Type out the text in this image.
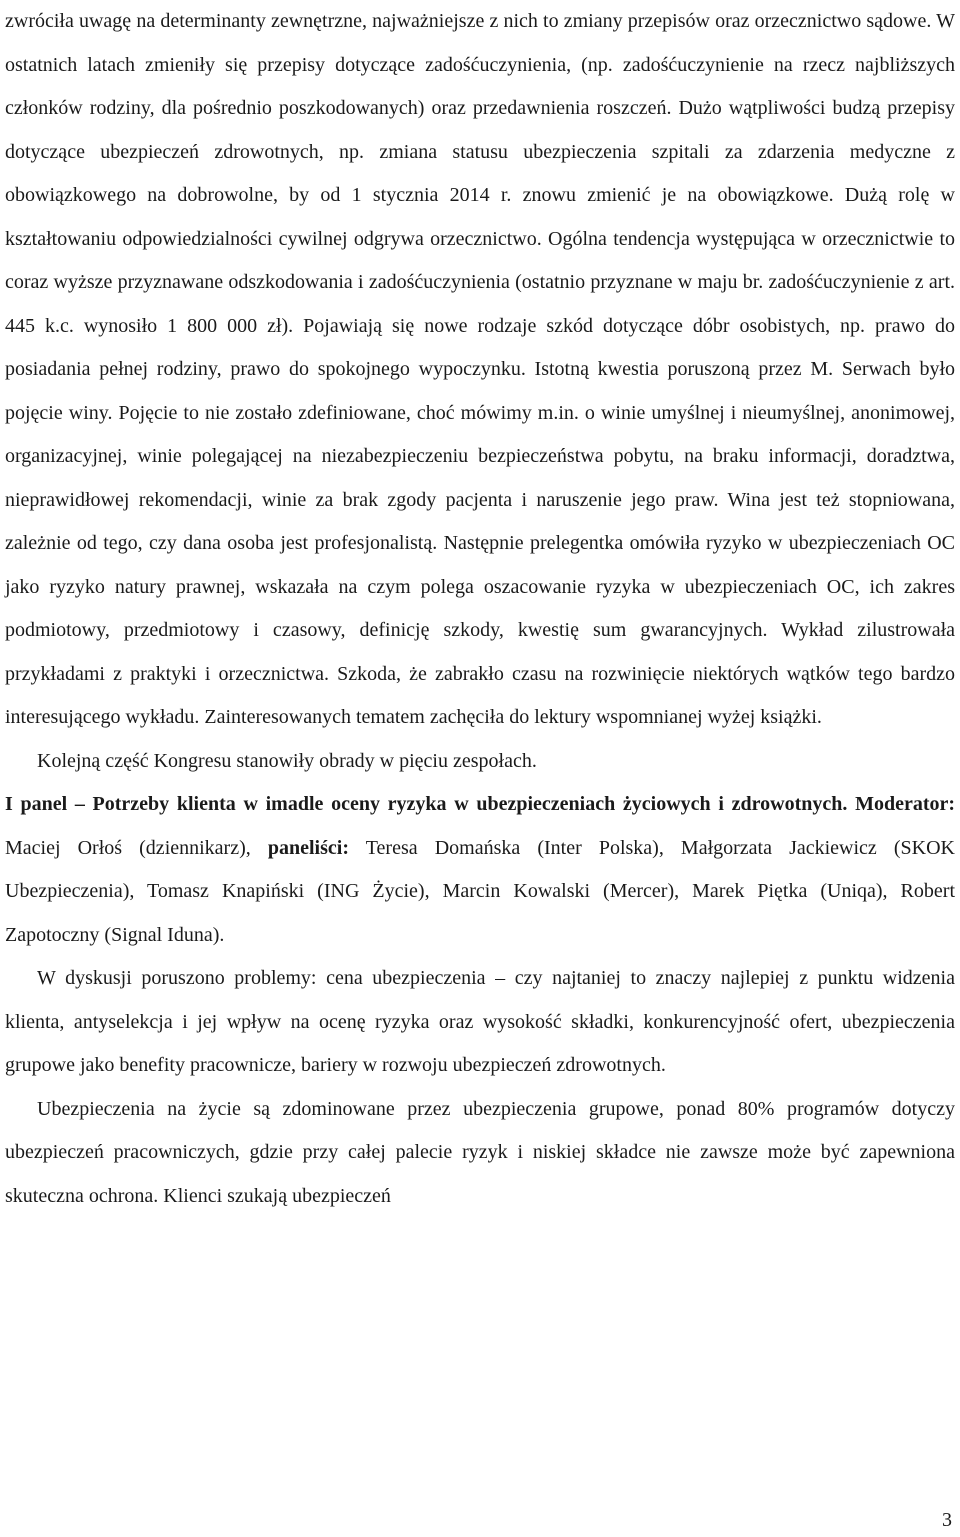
zwróciła uwagę na determinanty zewnętrzne, najważniejsze z nich to zmiany przepisów oraz orzecznictwo sądowe. W ostatnich latach zmieniły się przepisy dotyczące zadośćuczynienia, (np. zadośćuczynienie na rzecz najbliższych członków rodziny, dla pośrednio poszkodowanych) oraz przedawnienia roszczeń. Dużo wątpliwości budzą przepisy dotyczące ubezpieczeń zdrowotnych, np. zmiana statusu ubezpieczenia szpitali za zdarzenia medyczne z obowiązkowego na dobrowolne, by od 1 stycznia 2014 r. znowu zmienić je na obowiązkowe. Dużą rolę w kształtowaniu odpowiedzialności cywilnej odgrywa orzecznictwo. Ogólna tendencja występująca w orzecznictwie to coraz wyższe przyznawane odszkodowania i zadośćuczynienia (ostatnio przyznane w maju br. zadośćuczynienie z art. 445 k.c. wynosiło 1 800 000 zł). Pojawiają się nowe rodzaje szkód dotyczące dóbr osobistych, np. prawo do posiadania pełnej rodziny, prawo do spokojnego wypoczynku. Istotną kwestia poruszoną przez M. Serwach było pojęcie winy. Pojęcie to nie zostało zdefiniowane, choć mówimy m.in. o winie umyślnej i nieumyślnej, anonimowej, organizacyjnej, winie polegającej na niezabezpieczeniu bezpieczeństwa pobytu, na braku informacji, doradztwa, nieprawidłowej rekomendacji, winie za brak zgody pacjenta i naruszenie jego praw. Wina jest też stopniowana, zależnie od tego, czy dana osoba jest profesjonalistą. Następnie prelegentka omówiła ryzyko w ubezpieczeniach OC jako ryzyko natury prawnej, wskazała na czym polega oszacowanie ryzyka w ubezpieczeniach OC, ich zakres podmiotowy, przedmiotowy i czasowy, definicję szkody, kwestię sum gwarancyjnych. Wykład zilustrowała przykładami z praktyki i orzecznictwa. Szkoda, że zabrakło czasu na rozwinięcie niektórych wątków tego bardzo interesującego wykładu. Zainteresowanych tematem zachęciła do lektury wspomnianej wyżej książki.

Kolejną część Kongresu stanowiły obrady w pięciu zespołach.

I panel – Potrzeby klienta w imadle oceny ryzyka w ubezpieczeniach życiowych i zdrowotnych. Moderator: Maciej Orłoś (dziennikarz), paneliści: Teresa Domańska (Inter Polska), Małgorzata Jackiewicz (SKOK Ubezpieczenia), Tomasz Knapiński (ING Życie), Marcin Kowalski (Mercer), Marek Piętka (Uniqa), Robert Zapotoczny (Signal Iduna).

W dyskusji poruszono problemy: cena ubezpieczenia – czy najtaniej to znaczy najlepiej z punktu widzenia klienta, antyselekcja i jej wpływ na ocenę ryzyka oraz wysokość składki, konkurencyjność ofert, ubezpieczenia grupowe jako benefity pracownicze, bariery w rozwoju ubezpieczeń zdrowotnych.

Ubezpieczenia na życie są zdominowane przez ubezpieczenia grupowe, ponad 80% programów dotyczy ubezpieczeń pracowniczych, gdzie przy całej palecie ryzyk i niskiej składce nie zawsze może być zapewniona skuteczna ochrona. Klienci szukają ubezpieczeń

3
